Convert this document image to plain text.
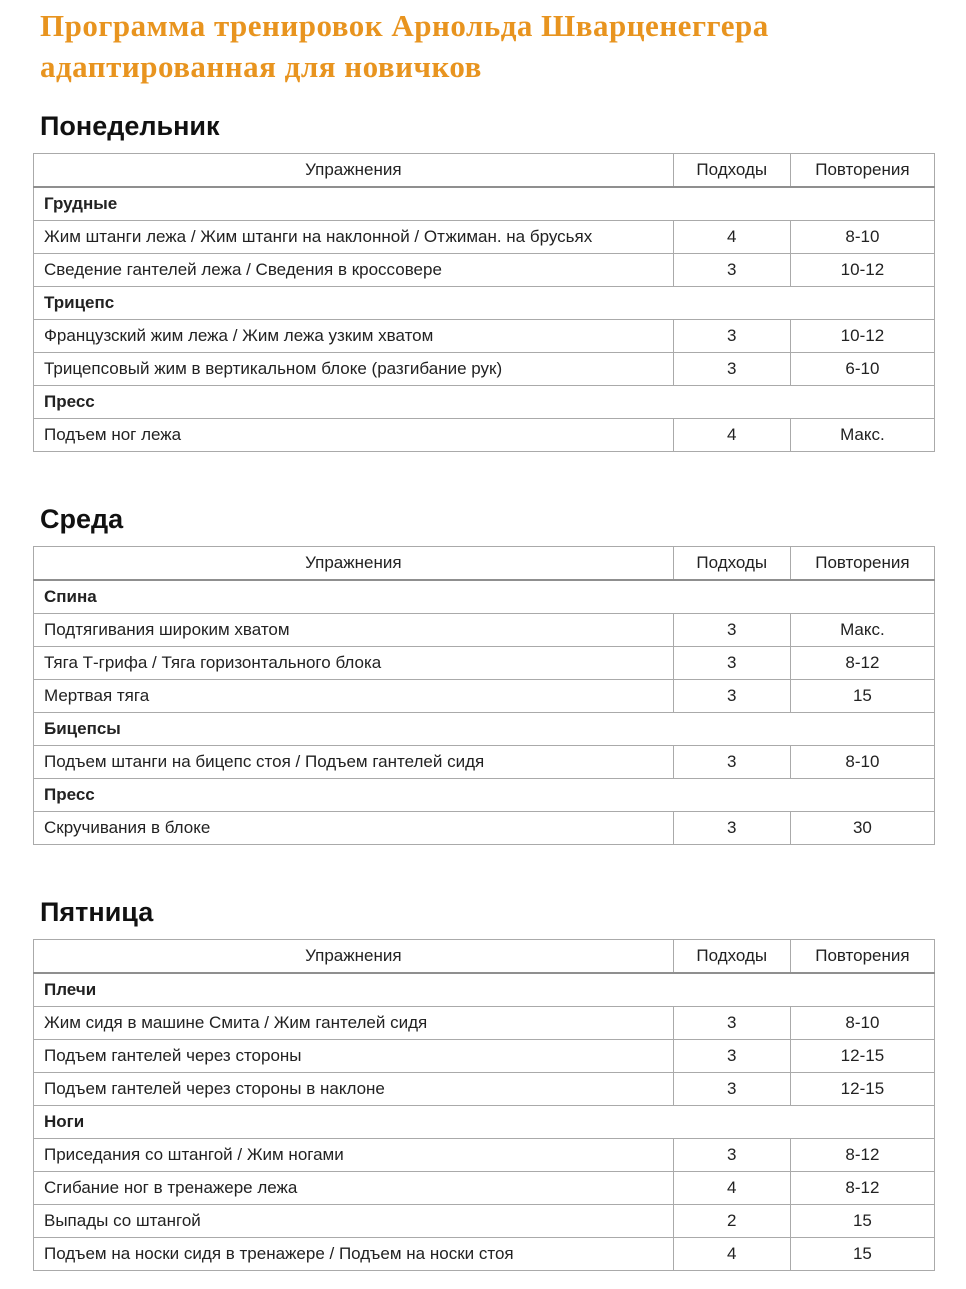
Программа тренировок Арнольда Шварценеггера
адаптированная для новичков
Понедельник
Упражнения	Подходы	Повторения
Грудные		
Жим штанги лежа / Жим штанги на наклонной / Отжиман. на брусьях	4	8-10
Сведение гантелей лежа / Сведения в кроссовере	3	10-12
Трицепс		
Французский жим лежа / Жим лежа узким хватом	3	10-12
Трицепсовый жим в вертикальном блоке (разгибание рук)	3	6-10
Пресс		
Подъем ног лежа	4	Макс.
Среда
Упражнения	Подходы	Повторения
Спина		
Подтягивания широким хватом	3	Макс.
Тяга Т-грифа / Тяга горизонтального блока	3	8-12
Мертвая тяга	3	15
Бицепсы		
Подъем штанги на бицепс стоя / Подъем гантелей сидя	3	8-10
Пресс		
Скручивания в блоке	3	30
Пятница
Упражнения	Подходы	Повторения
Плечи		
Жим сидя в машине Смита / Жим гантелей сидя	3	8-10
Подъем гантелей через стороны	3	12-15
Подъем гантелей через стороны в наклоне	3	12-15
Ноги		
Приседания со штангой / Жим ногами	3	8-12
Сгибание ног в тренажере лежа	4	8-12
Выпады со штангой	2	15
Подъем на носки сидя в тренажере / Подъем на носки стоя	4	15
